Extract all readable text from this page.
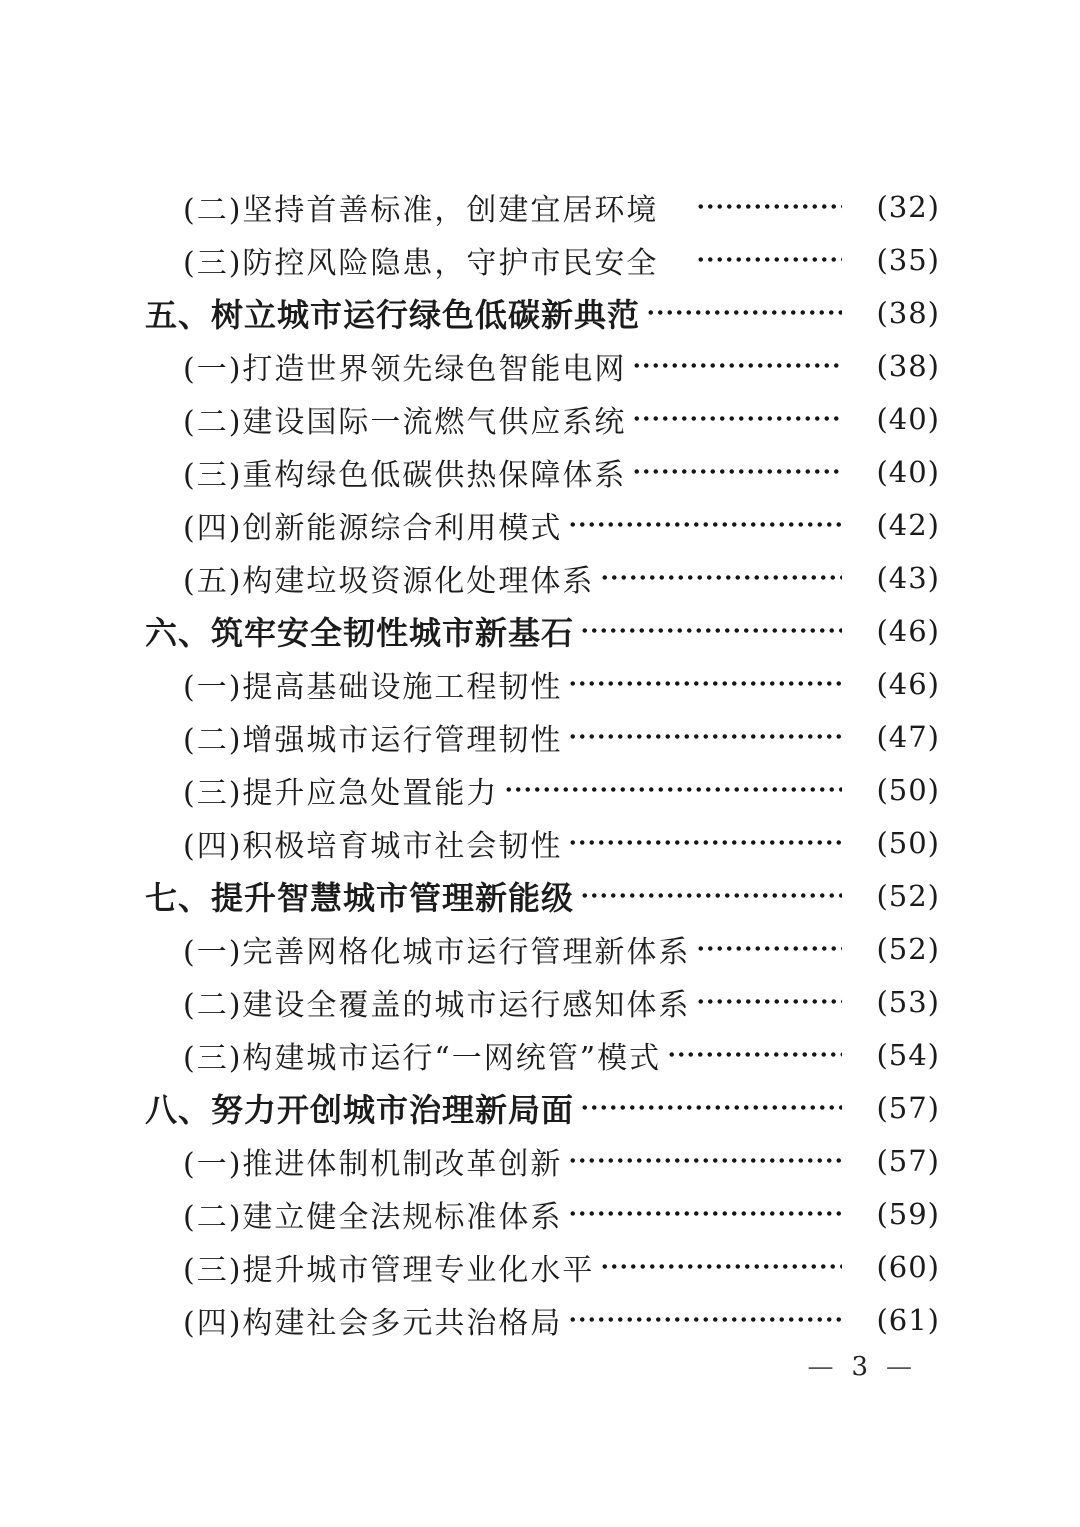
(二)坚持首善标准，创建宜居环境　	(32)
(三)防控风险隐患，守护市民安全　	(35)
五、树立城市运行绿色低碳新典范	(38)
(一)打造世界领先绿色智能电网	(38)
(二)建设国际一流燃气供应系统	(40)
(三)重构绿色低碳供热保障体系	(40)
(四)创新能源综合利用模式	(42)
(五)构建垃圾资源化处理体系	(43)
六、筑牢安全韧性城市新基石	(46)
(一)提高基础设施工程韧性	(46)
(二)增强城市运行管理韧性	(47)
(三)提升应急处置能力	(50)
(四)积极培育城市社会韧性	(50)
七、提升智慧城市管理新能级	(52)
(一)完善网格化城市运行管理新体系	(52)
(二)建设全覆盖的城市运行感知体系	(53)
(三)构建城市运行“一网统管”模式	(54)
八、努力开创城市治理新局面	(57)
(一)推进体制机制改革创新	(57)
(二)建立健全法规标准体系	(59)
(三)提升城市管理专业化水平	(60)
(四)构建社会多元共治格局	(61)
— 3 —
